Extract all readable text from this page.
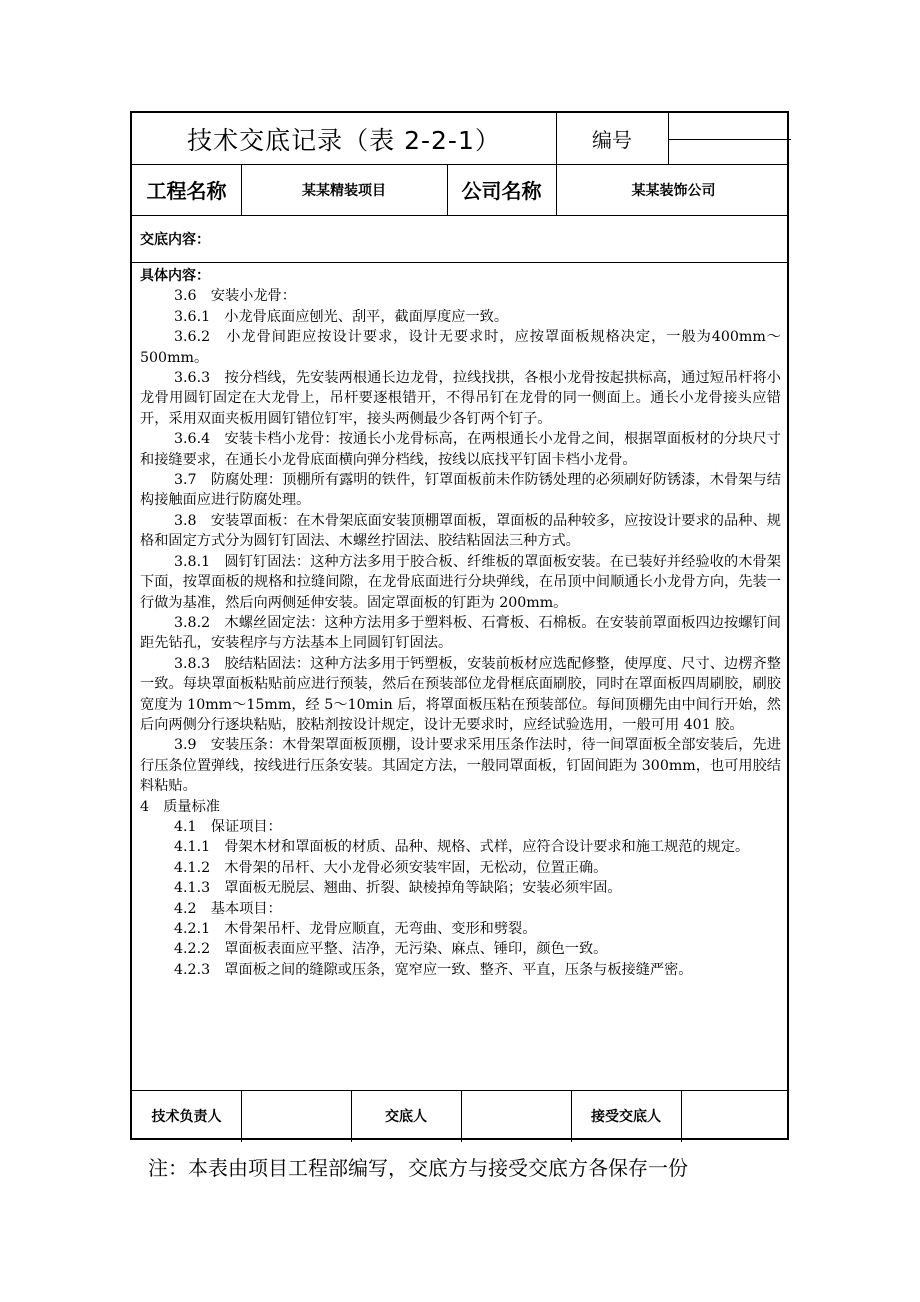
技术交底记录（表 2-2-1）	编号
工程名称	某某精装项目	公司名称	某某装饰公司
交底内容：

具体内容：

3.6　安装小龙骨：

3.6.1　小龙骨底面应刨光、刮平，截面厚度应一致。

3.6.2　小龙骨间距应按设计要求，设计无要求时，应按罩面板规格决定，一般为400mm～500mm。

3.6.3　按分档线，先安装两根通长边龙骨，拉线找拱，各根小龙骨按起拱标高，通过短吊杆将小龙骨用圆钉固定在大龙骨上，吊杆要逐根错开，不得吊钉在龙骨的同一侧面上。通长小龙骨接头应错开，采用双面夹板用圆钉错位钉牢，接头两侧最少各钉两个钉子。

3.6.4　安装卡档小龙骨：按通长小龙骨标高，在两根通长小龙骨之间，根据罩面板材的分块尺寸和接缝要求，在通长小龙骨底面横向弹分档线，按线以底找平钉固卡档小龙骨。

3.7　防腐处理：顶棚所有露明的铁件，钉罩面板前未作防锈处理的必须刷好防锈漆，木骨架与结构接触面应进行防腐处理。

3.8　安装罩面板：在木骨架底面安装顶棚罩面板，罩面板的品种较多，应按设计要求的品种、规格和固定方式分为圆钉钉固法、木螺丝拧固法、胶结粘固法三种方式。

3.8.1　圆钉钉固法：这种方法多用于胶合板、纤维板的罩面板安装。在已装好并经验收的木骨架下面，按罩面板的规格和拉缝间隙，在龙骨底面进行分块弹线，在吊顶中间顺通长小龙骨方向，先装一行做为基准，然后向两侧延伸安装。固定罩面板的钉距为 200mm。

3.8.2　木螺丝固定法：这种方法用多于塑料板、石膏板、石棉板。在安装前罩面板四边按螺钉间距先钻孔，安装程序与方法基本上同圆钉钉固法。

3.8.3　胶结粘固法：这种方法多用于钙塑板，安装前板材应选配修整，使厚度、尺寸、边楞齐整一致。每块罩面板粘贴前应进行预装，然后在预装部位龙骨框底面刷胶，同时在罩面板四周刷胶，刷胶宽度为 10mm～15mm，经 5～10min 后，将罩面板压粘在预装部位。每间顶棚先由中间行开始，然后向两侧分行逐块粘贴，胶粘剂按设计规定，设计无要求时，应经试验选用，一般可用 401 胶。

3.9　安装压条：木骨架罩面板顶棚，设计要求采用压条作法时，待一间罩面板全部安装后，先进行压条位置弹线，按线进行压条安装。其固定方法，一般同罩面板，钉固间距为 300mm，也可用胶结料粘贴。

4　质量标准

4.1　保证项目：

4.1.1　骨架木材和罩面板的材质、品种、规格、式样，应符合设计要求和施工规范的规定。

4.1.2　木骨架的吊杆、大小龙骨必须安装牢固，无松动，位置正确。

4.1.3　罩面板无脱层、翘曲、折裂、缺棱掉角等缺陷；安装必须牢固。

4.2　基本项目：

4.2.1　木骨架吊杆、龙骨应顺直，无弯曲、变形和劈裂。

4.2.2　罩面板表面应平整、洁净，无污染、麻点、锤印，颜色一致。

4.2.3　罩面板之间的缝隙或压条，宽窄应一致、整齐、平直，压条与板接缝严密。

技术负责人	交底人	接受交底人
注：本表由项目工程部编写，交底方与接受交底方各保存一份
